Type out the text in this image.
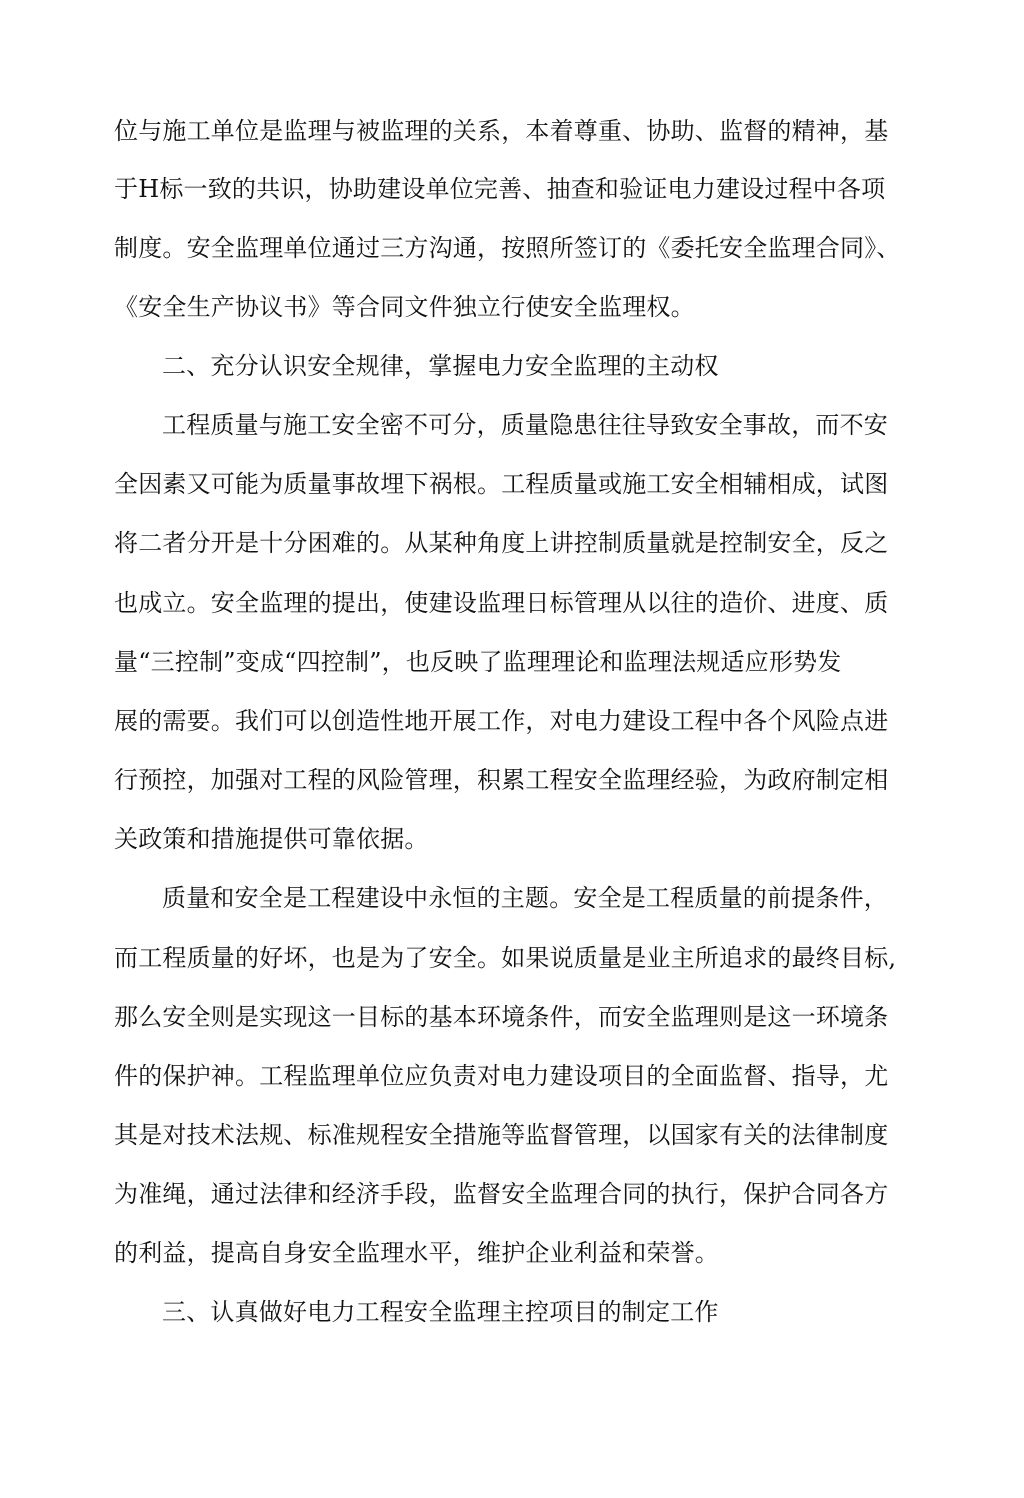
位与施工单位是监理与被监理的关系，本着尊重、协助、监督的精神，基
于H标一致的共识，协助建设单位完善、抽查和验证电力建设过程中各项
制度。安全监理单位通过三方沟通，按照所签订的《委托安全监理合同》、
《安全生产协议书》等合同文件独立行使安全监理权。
二、充分认识安全规律，掌握电力安全监理的主动权
工程质量与施工安全密不可分，质量隐患往往导致安全事故，而不安
全因素又可能为质量事故埋下祸根。工程质量或施工安全相辅相成，试图
将二者分开是十分困难的。从某种角度上讲控制质量就是控制安全，反之
也成立。安全监理的提出，使建设监理日标管理从以往的造价、进度、质
量“三控制”变成“四控制”，也反映了监理理论和监理法规适应形势发
展的需要。我们可以创造性地开展工作，对电力建设工程中各个风险点进
行预控，加强对工程的风险管理，积累工程安全监理经验，为政府制定相
关政策和措施提供可靠依据。
质量和安全是工程建设中永恒的主题。安全是工程质量的前提条件，
而工程质量的好坏，也是为了安全。如果说质量是业主所追求的最终目标,
那么安全则是实现这一目标的基本环境条件，而安全监理则是这一环境条
件的保护神。工程监理单位应负责对电力建设项目的全面监督、指导，尤
其是对技术法规、标准规程安全措施等监督管理，以国家有关的法律制度
为准绳，通过法律和经济手段，监督安全监理合同的执行，保护合同各方
的利益，提高自身安全监理水平，维护企业利益和荣誉。
三、认真做好电力工程安全监理主控项目的制定工作
